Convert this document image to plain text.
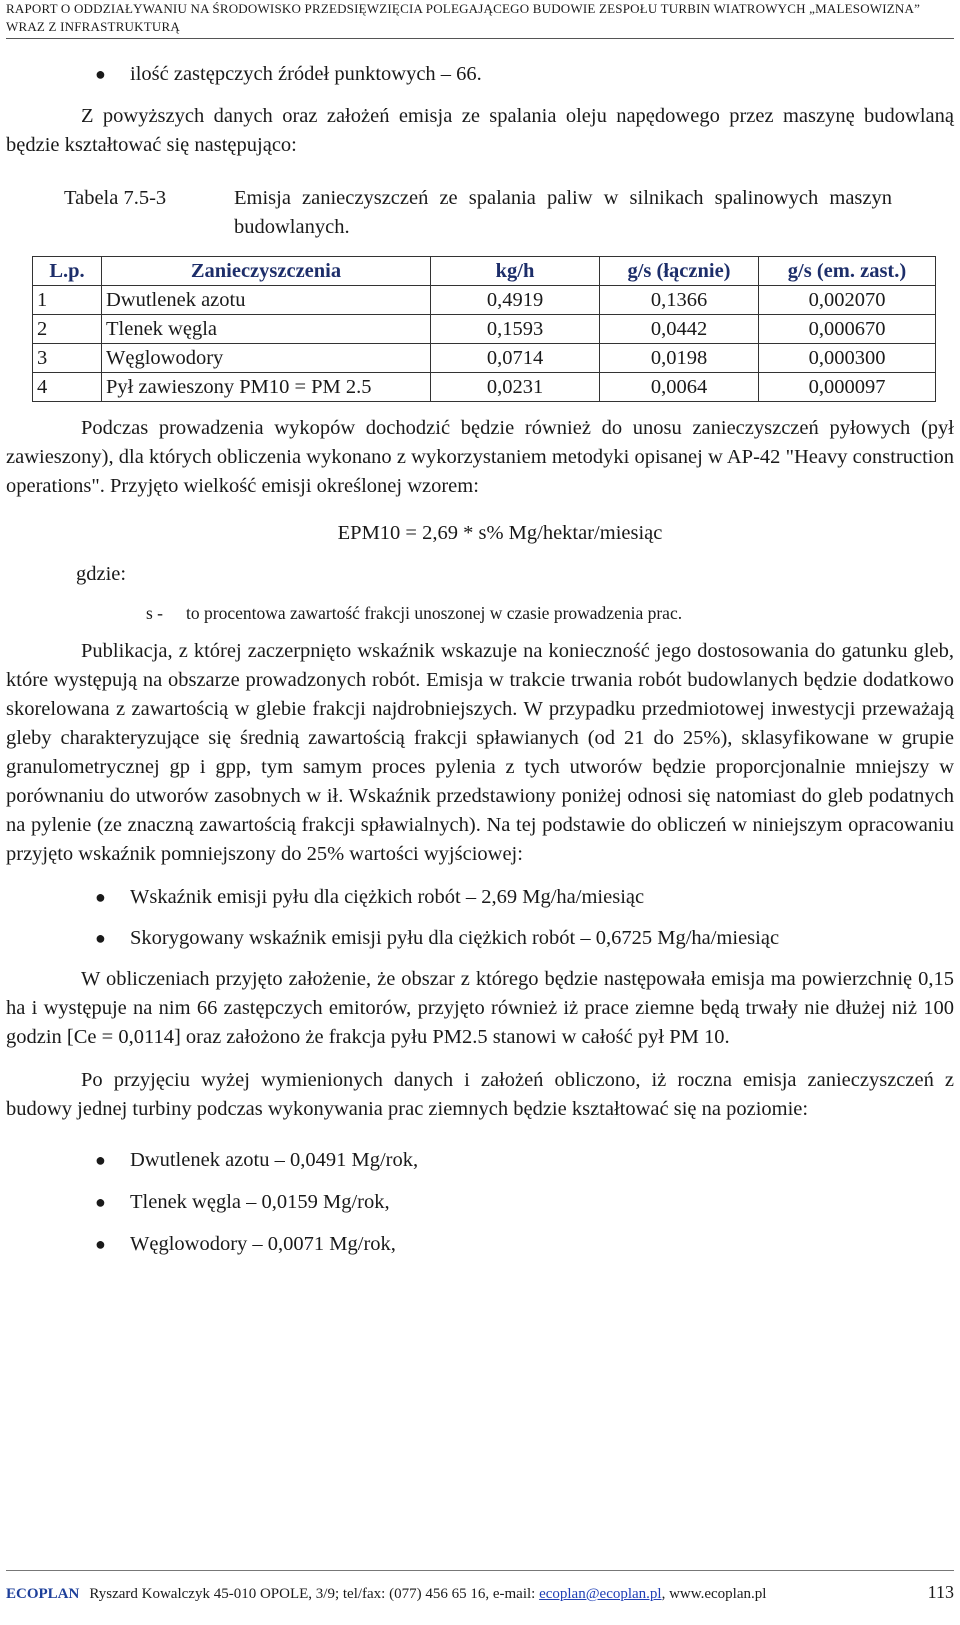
RAPORT O ODDZIAŁYWANIU NA ŚRODOWISKO PRZEDSIĘWZIĘCIA POLEGAJĄCEGO BUDOWIE ZESPOŁU TURBIN WIATROWYCH „MALESOWIZNA”
WRAZ Z INFRASTRUKTURĄ
● ilość zastępczych źródeł punktowych – 66.

Z powyższych danych oraz założeń emisja ze spalania oleju napędowego przez maszynę budowlaną będzie kształtować się następująco:

Tabela 7.5-3	Emisja zanieczyszczeń ze spalania paliw w silnikach spalinowych maszyn budowlanych.
L.p.	Zanieczyszczenia	kg/h	g/s (łącznie)	g/s (em. zast.)
1	Dwutlenek azotu	0,4919	0,1366	0,002070
2	Tlenek węgla	0,1593	0,0442	0,000670
3	Węglowodory	0,0714	0,0198	0,000300
4	Pył zawieszony PM10 = PM 2.5	0,0231	0,0064	0,000097

Podczas prowadzenia wykopów dochodzić będzie również do unosu zanieczyszczeń pyłowych (pył zawieszony), dla których obliczenia wykonano z wykorzystaniem metodyki opisanej w AP-42 "Heavy construction operations". Przyjęto wielkość emisji określonej wzorem:

EPM10 = 2,69 * s% Mg/hektar/miesiąc
gdzie:
s -	to procentowa zawartość frakcji unoszonej w czasie prowadzenia prac.

Publikacja, z której zaczerpnięto wskaźnik wskazuje na konieczność jego dostosowania do gatunku gleb, które występują na obszarze prowadzonych robót. Emisja w trakcie trwania robót budowlanych będzie dodatkowo skorelowana z zawartością w glebie frakcji najdrobniejszych. W przypadku przedmiotowej inwestycji przeważają gleby charakteryzujące się średnią zawartością frakcji spławianych (od 21 do 25%), sklasyfikowane w grupie granulometrycznej gp i gpp, tym samym proces pylenia z tych utworów będzie proporcjonalnie mniejszy w porównaniu do utworów zasobnych w ił. Wskaźnik przedstawiony poniżej odnosi się natomiast do gleb podatnych na pylenie (ze znaczną zawartością frakcji spławialnych). Na tej podstawie do obliczeń w niniejszym opracowaniu przyjęto wskaźnik pomniejszony do 25% wartości wyjściowej:

● Wskaźnik emisji pyłu dla ciężkich robót – 2,69 Mg/ha/miesiąc
● Skorygowany wskaźnik emisji pyłu dla ciężkich robót – 0,6725 Mg/ha/miesiąc

W obliczeniach przyjęto założenie, że obszar z którego będzie następowała emisja ma powierzchnię 0,15 ha i występuje na nim 66 zastępczych emitorów, przyjęto również iż prace ziemne będą trwały nie dłużej niż 100 godzin [Ce = 0,0114] oraz założono że frakcja pyłu PM2.5 stanowi w całość pył PM 10.

Po przyjęciu wyżej wymienionych danych i założeń obliczono, iż roczna emisja zanieczyszczeń z budowy jednej turbiny podczas wykonywania prac ziemnych będzie kształtować się na poziomie:

● Dwutlenek azotu – 0,0491 Mg/rok,
● Tlenek węgla – 0,0159 Mg/rok,
● Węglowodory – 0,0071 Mg/rok,
ECOPLAN Ryszard Kowalczyk 45-010 OPOLE, 3/9; tel/fax: (077) 456 65 16, e-mail:
ecoplan@ecoplan.pl ,
www.ecoplan.pl	113
